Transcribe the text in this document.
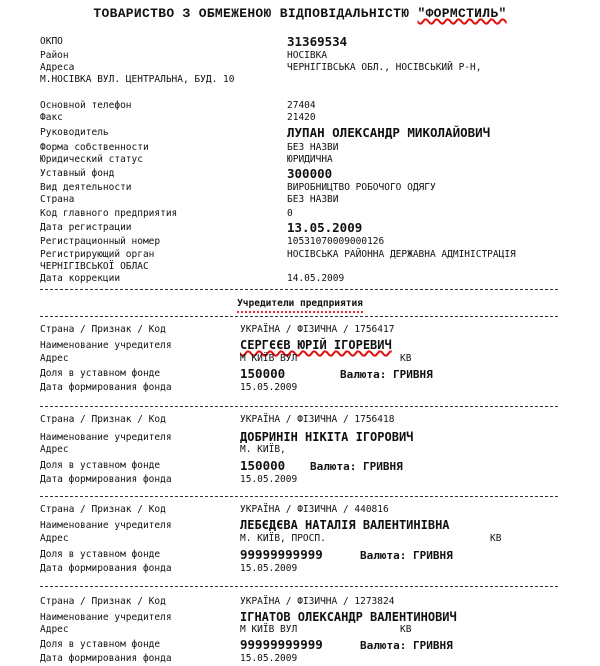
ТОВАРИСТВО З ОБМЕЖЕНОЮ ВІДПОВІДАЛЬНІСТЮ "ФОРМСТИЛЬ"
ОКПО	31369534
Район	НОСІВКА
Адреса	ЧЕРНІГІВСЬКА ОБЛ., НОСІВСЬКИЙ Р-Н,
М.НОСІВКА ВУЛ. ЦЕНТРАЛЬНА, БУД. 10
Основной телефон	27404
Факс	21420
Руководитель	ЛУПАН ОЛЕКСАНДР МИКОЛАЙОВИЧ
Форма собственности	БЕЗ НАЗВИ
Юридический статус	ЮРИДИЧНА
Уставный фонд	300000
Вид деятельности	ВИРОБНИЦТВО РОБОЧОГО ОДЯГУ
Страна	БЕЗ НАЗВИ
Код главного предприятия	0
Дата регистрации	13.05.2009
Регистрационный номер	10531070009000126
Регистрирующий орган	НОСІВСЬКА РАЙОННА ДЕРЖАВНА АДМІНІСТРАЦІЯ
ЧЕРНІГІВСЬКОЇ ОБЛАС
Дата коррекции	14.05.2009
Учредители предприятия
Страна / Признак / Код	УКРАЇНА / ФІЗИЧНА / 1756417
Наименование учредителя	СЕРГЄЄВ ЮРІЙ ІГОРЕВИЧ
Адрес	М КИЇВ ВУЛ	КВ
Доля в уставном фонде	150000	Валюта: ГРИВНЯ
Дата формирования фонда	15.05.2009
Страна / Признак / Код	УКРАЇНА / ФІЗИЧНА / 1756418
Наименование учредителя	ДОБРИНІН НІКІТА ІГОРОВИЧ
Адрес	М. КИЇВ,
Доля в уставном фонде	150000 Валюта: ГРИВНЯ
Дата формирования фонда	15.05.2009
Страна / Признак / Код	УКРАЇНА / ФІЗИЧНА / 440816
Наименование учредителя	ЛЕБЄДЄВА НАТАЛІЯ ВАЛЕНТИНІВНА
Адрес	М. КИЇВ, ПРОСП.	КВ
Доля в уставном фонде	99999999999	Валюта: ГРИВНЯ
Дата формирования фонда	15.05.2009
Страна / Признак / Код	УКРАЇНА / ФІЗИЧНА / 1273824
Наименование учредителя	ІГНАТОВ ОЛЕКСАНДР ВАЛЕНТИНОВИЧ
Адрес	М КИЇВ ВУЛ	КВ
Доля в уставном фонде	99999999999	Валюта: ГРИВНЯ
Дата формирования фонда	15.05.2009
